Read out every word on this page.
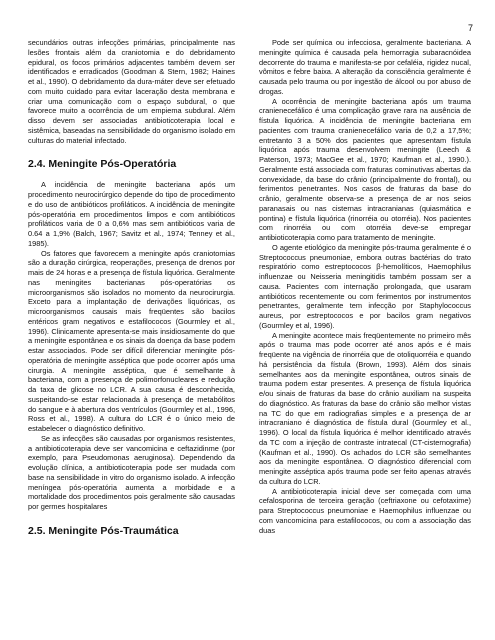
7

secundários outras infecções primárias, principalmente nas lesões frontais além da craniotomia e do debridamento epidural, os focos primários adjacentes também devem ser identificados e erradicados (Goodman & Stern, 1982; Haines et al., 1990). O debridamento da dura-máter deve ser efetuado com muito cuidado para evitar laceração desta membrana e criar uma comunicação com o espaço subdural, o que favorece muito a ocorrência de um empiema subdural. Além disso devem ser associadas antibioticoterapia local e sistêmica, baseadas na sensibilidade do organismo isolado em culturas do material infectado.

2.4. Meningite Pós-Operatória

A incidência de meningite bacteriana após um procedimento neurocirúrgico depende do tipo de procedimento e do uso de antibióticos profiláticos. A incidência de meningite pós-operatória em procedimentos limpos e com antibióticos profiláticos varia de 0 a 0,6% mas sem antibióticos varia de 0.64 a 1,9% (Balch, 1967; Savitz et al., 1974; Tenney et al., 1985).

Os fatores que favorecem a meningite após craniotomias são a duração cirúrgica, reoperações, presença de drenos por mais de 24 horas e a presença de fístula liquórica. Geralmente nas meningites bacterianas pós-operatórias os microorganismos são isolados no momento da neurocirurgia. Exceto para a implantação de derivações liquóricas, os microorganismos causais mais freqüentes são bacilos entéricos gram negativos e estafilococos (Gourmley et al., 1996). Clinicamente apresenta-se mais insidiosamente do que a meningite espontânea e os sinais da doença da base podem estar associados. Pode ser difícil diferenciar meningite pós-operatória de meningite asséptica que pode ocorrer após uma cirurgia. A meningite asséptica, que é semelhante à bacteriana, com a presença de polimorfonucleares e redução da taxa de glicose no LCR. A sua causa é desconhecida, suspeitando-se estar relacionada à presença de metabólitos do sangue e à abertura dos ventrículos (Gourmley et al., 1996, Ross et al., 1998). A cultura do LCR é o único meio de estabelecer o diagnóstico definitivo.

Se as infecções são causadas por organismos resistentes, a antibioticoterapia deve ser vancomicina e ceftazidinme (por exemplo, para Pseudomonas aeruginosa). Dependendo da evolução clínica, a antibioticoterapia pode ser mudada com base na sensibilidade in vitro do organismo isolado. A infecção meníngea pós-operatória aumenta a morbidade e a mortalidade dos procedimentos pois geralmente são causadas por germes hospitalares

2.5. Meningite Pós-Traumática

Pode ser química ou infecciosa, geralmente bacteriana. A meningite química é causada pela hemorragia subaracnóidea decorrente do trauma e manifesta-se por cefaléia, rigidez nucal, vômitos e febre baixa. A alteração da consciência geralmente é causada pelo trauma ou por ingestão de álcool ou por abuso de drogas.

A ocorrência de meningite bacteriana após um trauma cranienecefálico é uma complicação grave rara na ausência de fístula liquórica. A incidência de meningite bacteriana em pacientes com trauma cranienecefálico varia de 0,2 a 17,5%; entretanto 3 a 50% dos pacientes que apresentam fístula liquórica após trauma desenvolvem meningite (Leech & Paterson, 1973; MacGee et al., 1970; Kaufman et al., 1990.). Geralmente está associada com fraturas cominutivas abertas da convexidade, da base do crânio (principalmente do frontal), ou ferimentos penetrantes. Nos casos de fraturas da base do crânio, geralmente observa-se a presença de ar nos seios paranasais ou nas cisternas intracranianas (quiasmática e pontina) e fístula liquórica (rinorréia ou otorréia). Nos pacientes com rinorréia ou com otorréia deve-se empregar antibioticoterapia como para tratamento de meningite.

O agente etiológico da meningite pós-trauma geralmente é o Streptococcus pneumoniae, embora outras bactérias do trato respiratório como estreptococos β-hemolíticos, Haemophilus influenzae ou Neisseria meningitidis também possam ser a causa. Pacientes com internação prolongada, que usaram antibióticos recentemente ou com ferimentos por instrumentos penetrantes, geralmente tem infecção por Staphylococcus aureus, por estreptococos e por bacilos gram negativos (Gourmley et al, 1996).

A meningite acontece mais freqüentemente no primeiro mês após o trauma mas pode ocorrer até anos após e é mais freqüente na vigência de rinorréia que de otoliquorréia e quando há persistência da fístula (Brown, 1993). Além dos sinais semelhantes aos da meningite espontânea, outros sinais de trauma podem estar presentes. A presença de fístula liquórica e/ou sinais de fraturas da base do crânio auxiliam na suspeita do diagnóstico. As fraturas da base do crânio são melhor vistas na TC do que em radiografias simples e a presença de ar intracraniano é diagnóstica de fístula dural (Gourmley et al., 1996). O local da fístula liquórica é melhor identificado através da TC com a injeção de contraste intratecal (CT-cisternografia) (Kaufman et al., 1990). Os achados do LCR são semelhantes aos da meningite espontânea. O diagnóstico diferencial com meningite asséptica após trauma pode ser feito apenas através da cultura do LCR.

A antibioticoterapia inicial deve ser começada com uma cefalosporina de terceira geração (ceftriaxone ou cefotaxime) para Streptococcus pneumoniae e Haemophilus influenzae ou com vancomicina para estafilococos, ou com a associação das duas
